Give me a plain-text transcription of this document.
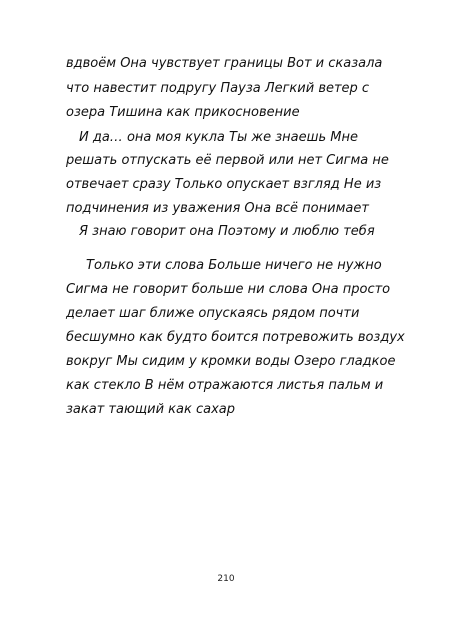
вдвоём Она чувствует границы Вот и сказала
что навестит подругу Пауза Легкий ветер с
озера Тишина как прикосновение
И да… она моя кукла Ты же знаешь Мне
решать отпускать её первой или нет Сигма не
отвечает сразу Только опускает взгляд Не из
подчинения из уважения Она всё понимает
Я знаю говорит она Поэтому и люблю тебя
Только эти слова Больше ничего не нужно
Сигма не говорит больше ни слова Она просто
делает шаг ближе опускаясь рядом почти
бесшумно как будто боится потревожить воздух
вокруг Мы сидим у кромки воды Озеро гладкое
как стекло В нём отражаются листья пальм и
закат тающий как сахар
210
